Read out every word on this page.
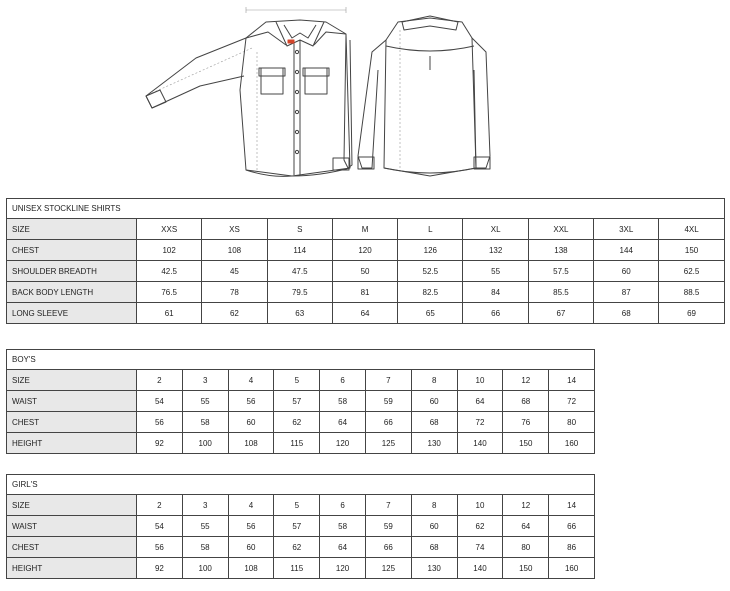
UNISEX STOCKLINE SHIRTS									
SIZE	XXS	XS	S	M	L	XL	XXL	3XL	4XL
CHEST	102	108	114	120	126	132	138	144	150
SHOULDER BREADTH	42.5	45	47.5	50	52.5	55	57.5	60	62.5
BACK BODY LENGTH	76.5	78	79.5	81	82.5	84	85.5	87	88.5
LONG SLEEVE	61	62	63	64	65	66	67	68	69
BOY'S										
SIZE	2	3	4	5	6	7	8	10	12	14
WAIST	54	55	56	57	58	59	60	64	68	72
CHEST	56	58	60	62	64	66	68	72	76	80
HEIGHT	92	100	108	115	120	125	130	140	150	160
GIRL'S										
SIZE	2	3	4	5	6	7	8	10	12	14
WAIST	54	55	56	57	58	59	60	62	64	66
CHEST	56	58	60	62	64	66	68	74	80	86
HEIGHT	92	100	108	115	120	125	130	140	150	160
